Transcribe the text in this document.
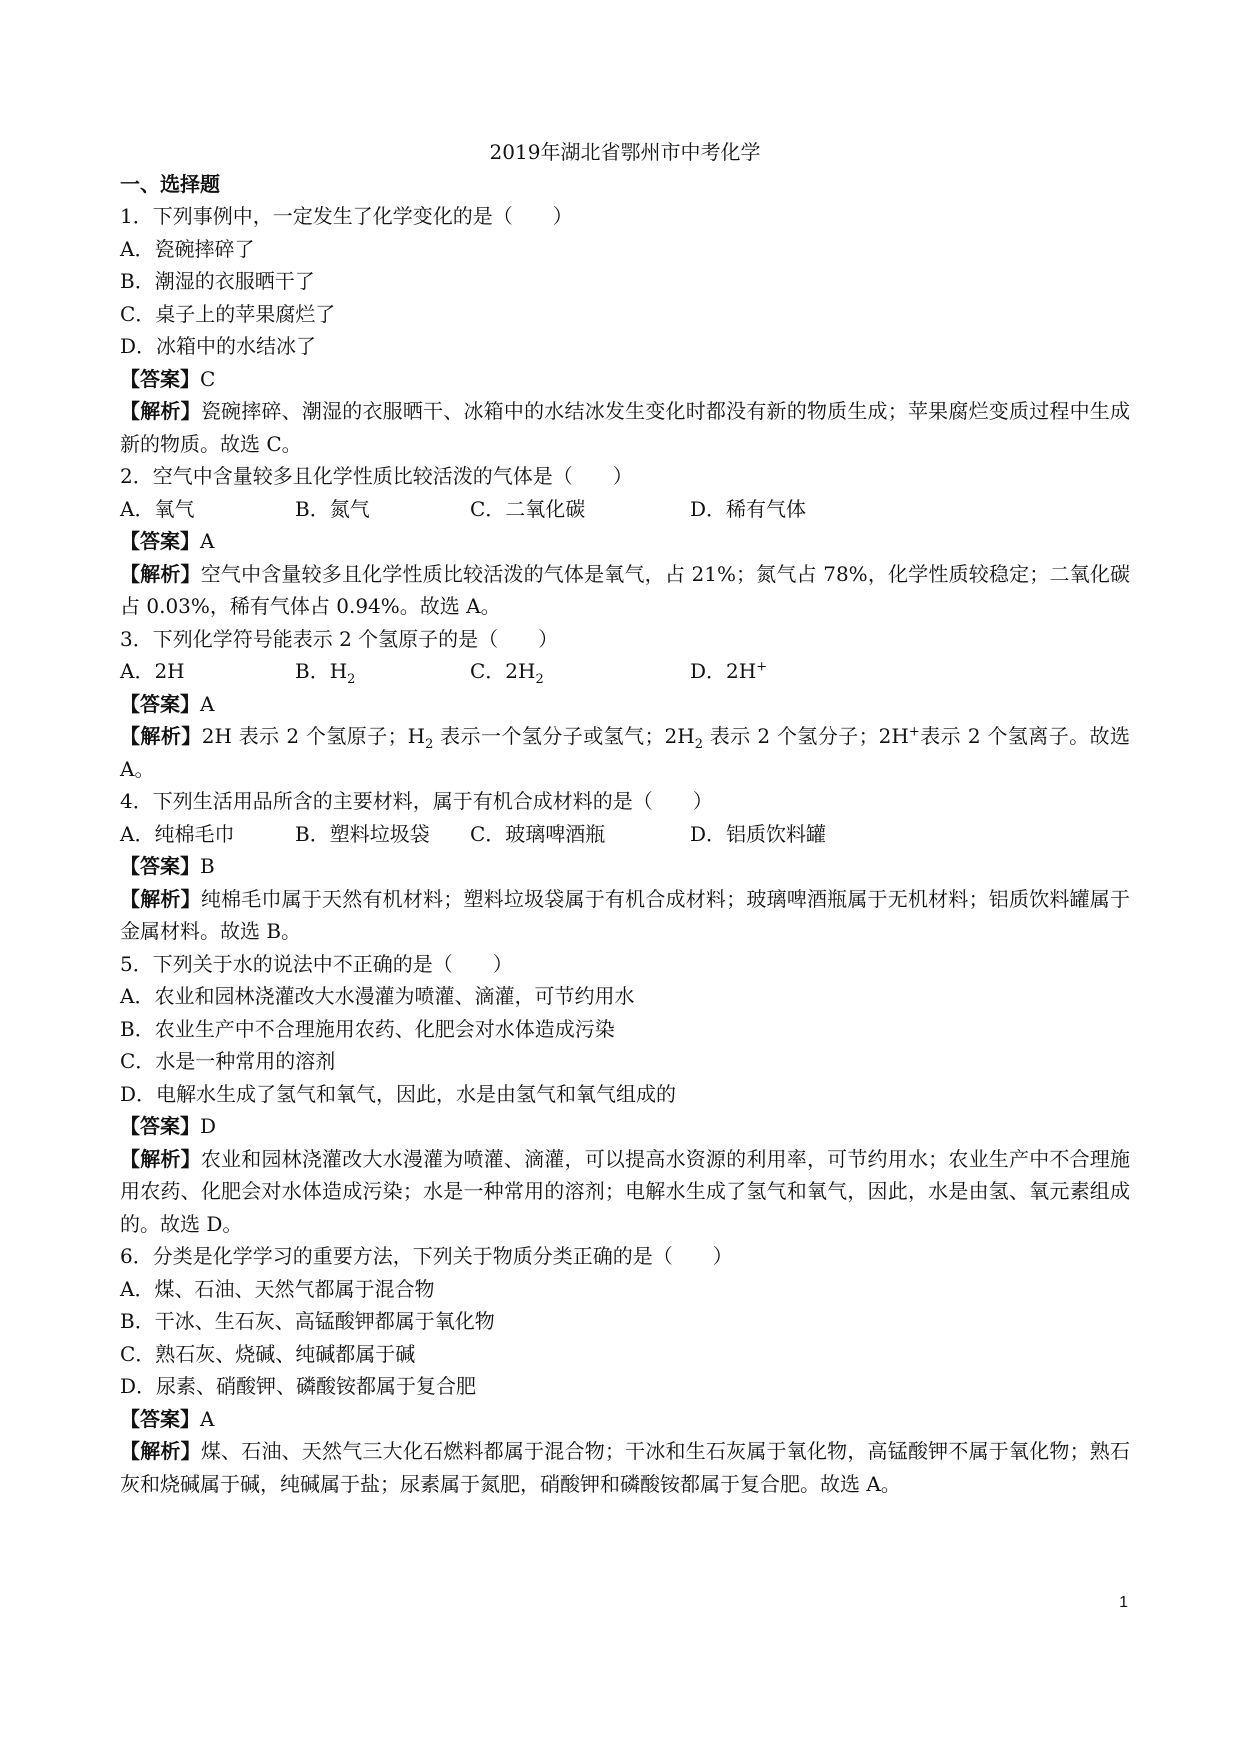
2019年湖北省鄂州市中考化学

一、选择题

1．下列事例中，一定发生了化学变化的是（　　）

A．瓷碗摔碎了

B．潮湿的衣服晒干了

C．桌子上的苹果腐烂了

D．冰箱中的水结冰了

【答案】C

【解析】瓷碗摔碎、潮湿的衣服晒干、冰箱中的水结冰发生变化时都没有新的物质生成；苹果腐烂变质过程中生成新的物质。故选 C。

2．空气中含量较多且化学性质比较活泼的气体是（　　）

A．氧气	B．氮气	C．二氧化碳	D．稀有气体

【答案】A

【解析】空气中含量较多且化学性质比较活泼的气体是氧气，占 21%；氮气占 78%，化学性质较稳定；二氧化碳占 0.03%，稀有气体占 0.94%。故选 A。

3．下列化学符号能表示 2 个氢原子的是（　　）

A．2H	B．$H_2$	C．$2H_2$	D．2H+

【答案】A

【解析】2H 表示 2 个氢原子；$H_2$ 表示一个氢分子或氢气；$2H_2$ 表示 2 个氢分子；2H+表示 2 个氢离子。故选 A。

4．下列生活用品所含的主要材料，属于有机合成材料的是（　　）

A．纯棉毛巾	B．塑料垃圾袋	C．玻璃啤酒瓶	D．铝质饮料罐

【答案】B

【解析】纯棉毛巾属于天然有机材料；塑料垃圾袋属于有机合成材料；玻璃啤酒瓶属于无机材料；铝质饮料罐属于金属材料。故选 B。

5．下列关于水的说法中不正确的是（　　）

A．农业和园林浇灌改大水漫灌为喷灌、滴灌，可节约用水

B．农业生产中不合理施用农药、化肥会对水体造成污染

C．水是一种常用的溶剂

D．电解水生成了氢气和氧气，因此，水是由氢气和氧气组成的

【答案】D

【解析】农业和园林浇灌改大水漫灌为喷灌、滴灌，可以提高水资源的利用率，可节约用水；农业生产中不合理施用农药、化肥会对水体造成污染；水是一种常用的溶剂；电解水生成了氢气和氧气，因此，水是由氢、氧元素组成的。故选 D。

6．分类是化学学习的重要方法，下列关于物质分类正确的是（　　）

A．煤、石油、天然气都属于混合物

B．干冰、生石灰、高锰酸钾都属于氧化物

C．熟石灰、烧碱、纯碱都属于碱

D．尿素、硝酸钾、磷酸铵都属于复合肥

【答案】A

【解析】煤、石油、天然气三大化石燃料都属于混合物；干冰和生石灰属于氧化物，高锰酸钾不属于氧化物；熟石灰和烧碱属于碱，纯碱属于盐；尿素属于氮肥，硝酸钾和磷酸铵都属于复合肥。故选 A。

1
